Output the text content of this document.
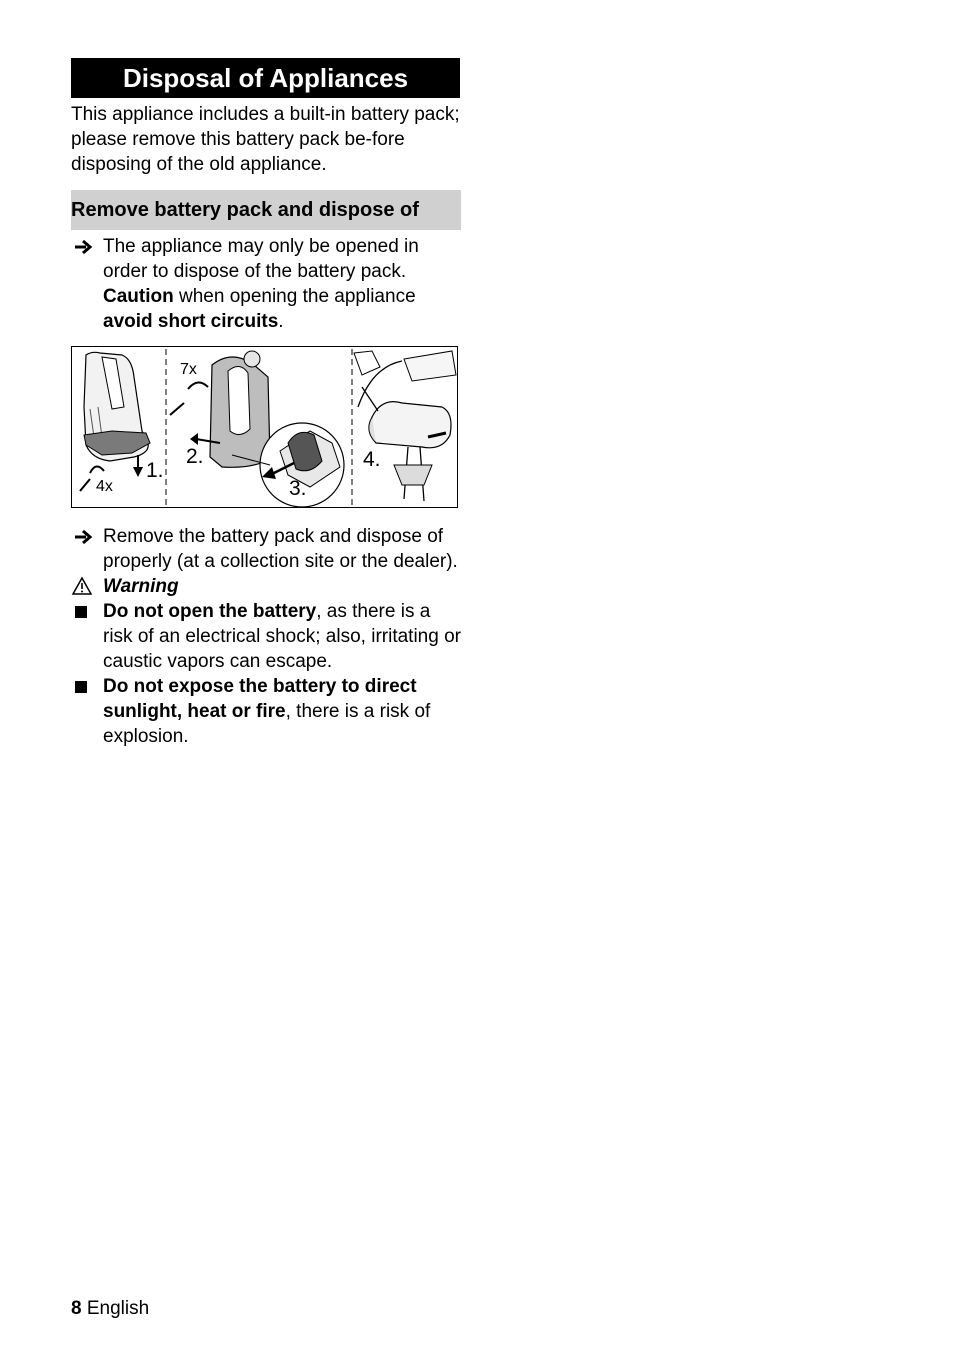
Disposal of Appliances
This appliance includes a built-in battery pack; please remove this battery pack be-fore disposing of the old appliance.
Remove battery pack and dispose of
The appliance may only be opened in order to dispose of the battery pack. Caution when opening the appliance avoid short circuits.
4x
7x
1.
2.
3.
4.
Remove the battery pack and dispose of properly (at a collection site or the dealer).
Warning
Do not open the battery, as there is a risk of an electrical shock; also, irritating or caustic vapors can escape.
Do not expose the battery to direct sunlight, heat or fire, there is a risk of explosion.
8 English
